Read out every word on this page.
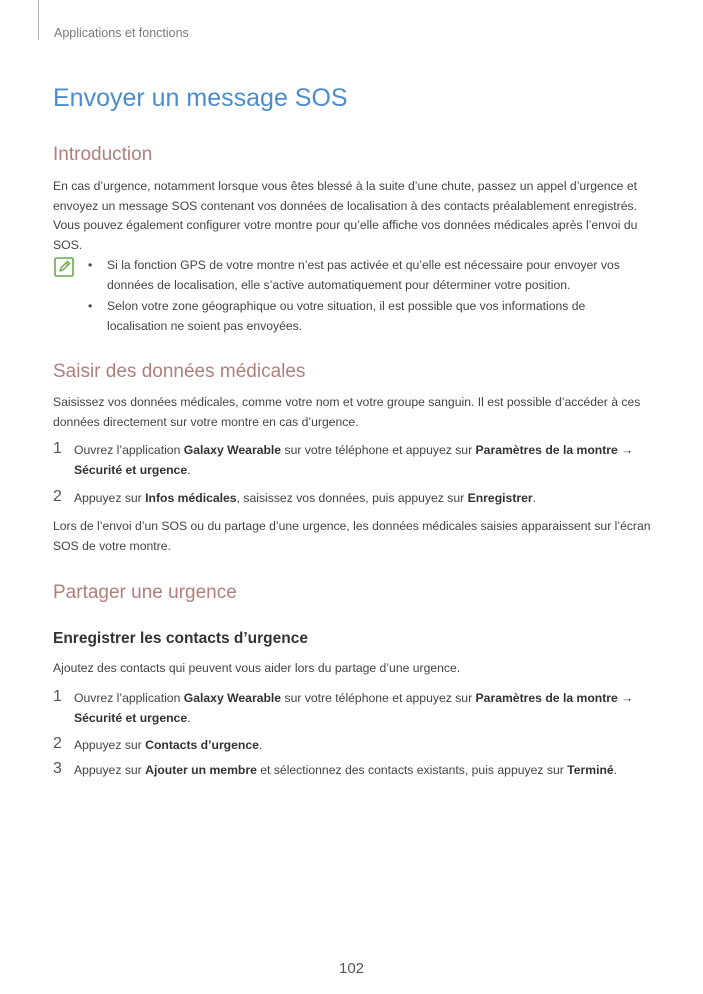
Applications et fonctions
Envoyer un message SOS
Introduction

En cas d’urgence, notamment lorsque vous êtes blessé à la suite d’une chute, passez un appel d’urgence et envoyez un message SOS contenant vos données de localisation à des contacts préalablement enregistrés. Vous pouvez également configurer votre montre pour qu’elle affiche vos données médicales après l’envoi du SOS.

• Si la fonction GPS de votre montre n’est pas activée et qu’elle est nécessaire pour envoyer vos données de localisation, elle s’active automatiquement pour déterminer votre position.
• Selon votre zone géographique ou votre situation, il est possible que vos informations de localisation ne soient pas envoyées.
Saisir des données médicales

Saisissez vos données médicales, comme votre nom et votre groupe sanguin. Il est possible d’accéder à ces données directement sur votre montre en cas d’urgence.

1 Ouvrez l’application Galaxy Wearable sur votre téléphone et appuyez sur Paramètres de la montre →
Sécurité et urgence.
2 Appuyez sur Infos médicales, saisissez vos données, puis appuyez sur Enregistrer.

Lors de l’envoi d’un SOS ou du partage d’une urgence, les données médicales saisies apparaissent sur l’écran SOS de votre montre.

Partager une urgence
Enregistrer les contacts d’urgence

Ajoutez des contacts qui peuvent vous aider lors du partage d’une urgence.

1 Ouvrez l’application Galaxy Wearable sur votre téléphone et appuyez sur Paramètres de la montre →
Sécurité et urgence.
2 Appuyez sur Contacts d’urgence.
3 Appuyez sur Ajouter un membre et sélectionnez des contacts existants, puis appuyez sur Terminé.
102
